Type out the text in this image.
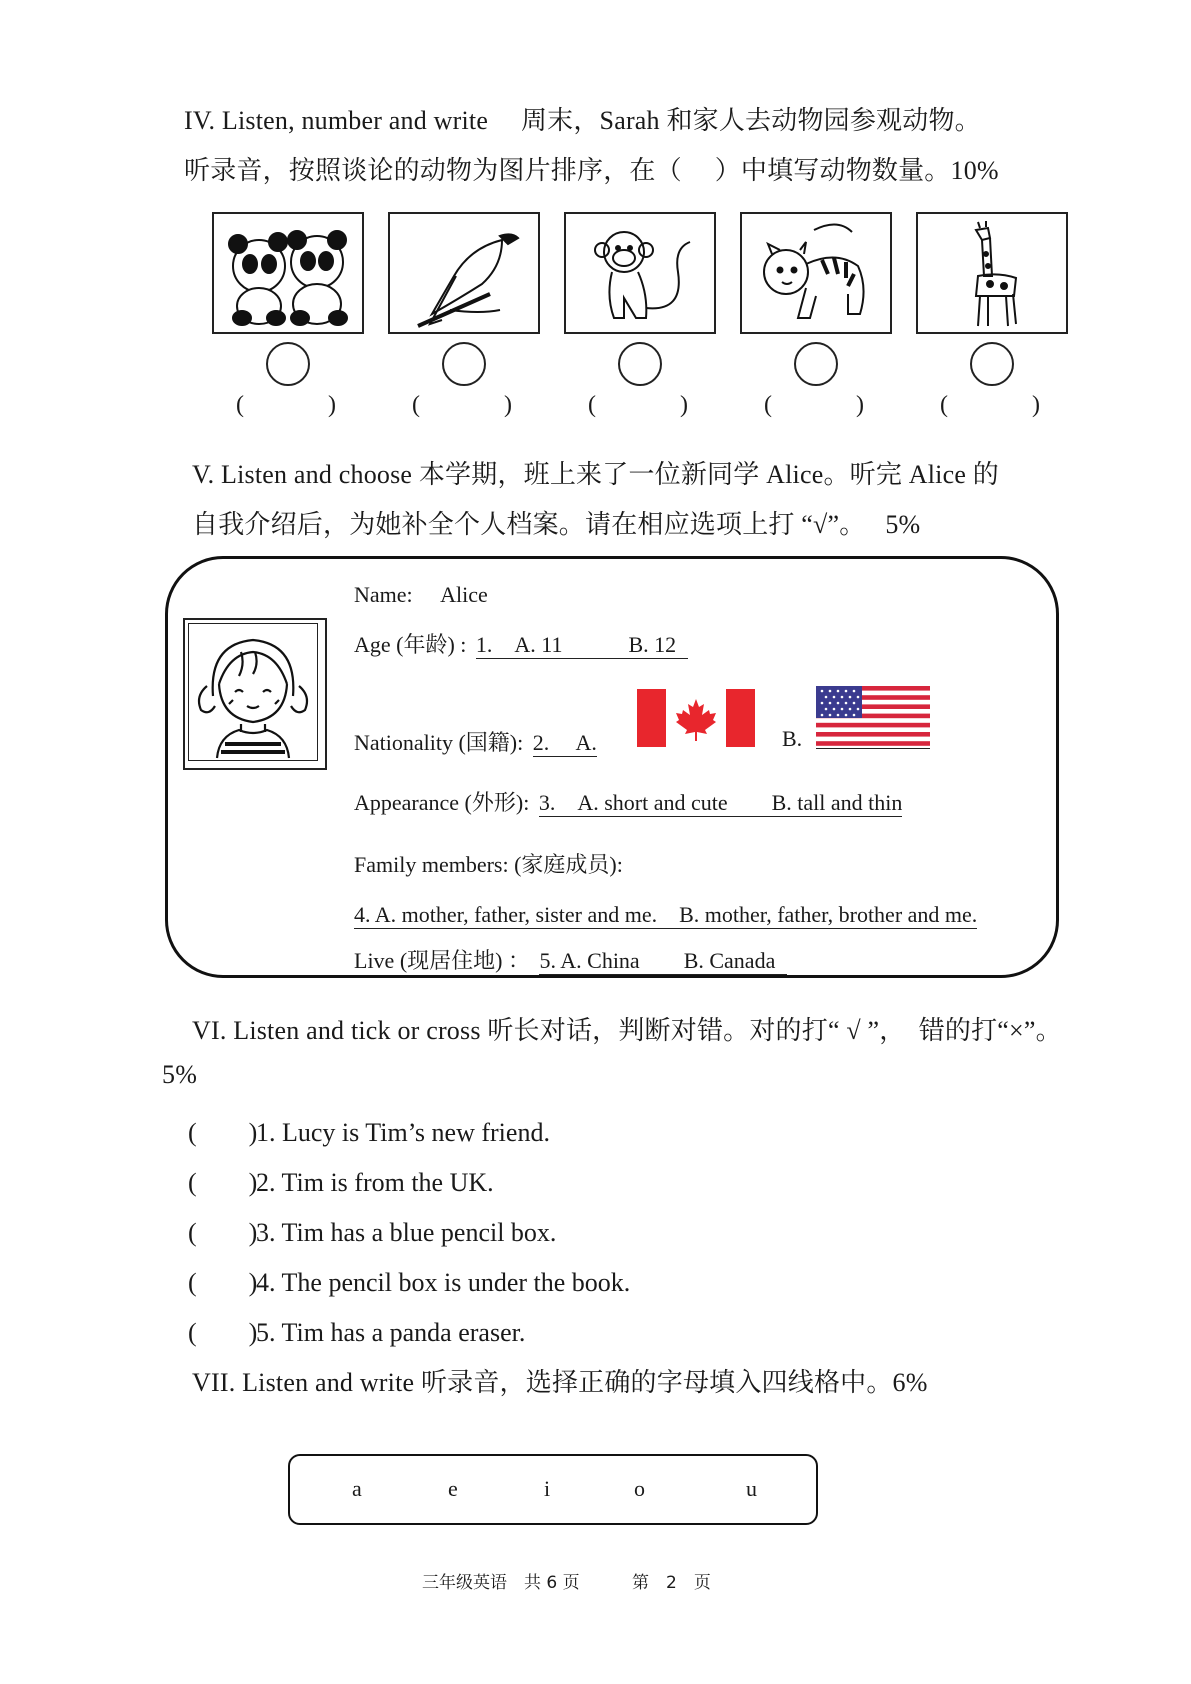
IV. Listen, number and write　 周末，Sarah 和家人去动物园参观动物。
听录音，按照谈论的动物为图片排序，在（　 ）中填写动物数量。10%
(	)	(	)	(	)	(	)	(	)
V. Listen and choose 本学期，班上来了一位新同学 Alice。听完 Alice 的
自我介绍后，为她补全个人档案。请在相应选项上打 “√”。　 5%
Name: Alice
Age (年龄) : 1.　A. 11　　　B. 12
Nationality (国籍): 2.　 A.	B.
Appearance (外形): 3.　A. short and cute　　B. tall and thin
Family members: (家庭成员):
4. A. mother, father, sister and me.　B. mother, father, brother and me.
Live (现居住地) ： 5. A. China　　B. Canada
VI. Listen and tick or cross 听长对话，判断对错。对的打“ √ ”，　错的打“×”。
5%
(　　)1. Lucy is Tim’s new friend.
(　　)2. Tim is from the UK.
(　　)3. Tim has a blue pencil box.
(　　)4. The pencil box is under the book.
(　　)5. Tim has a panda eraser.
VII. Listen and write 听录音，选择正确的字母填入四线格中。6%
a	e	i	o	u
三年级英语　共 6 页	第　2　页
